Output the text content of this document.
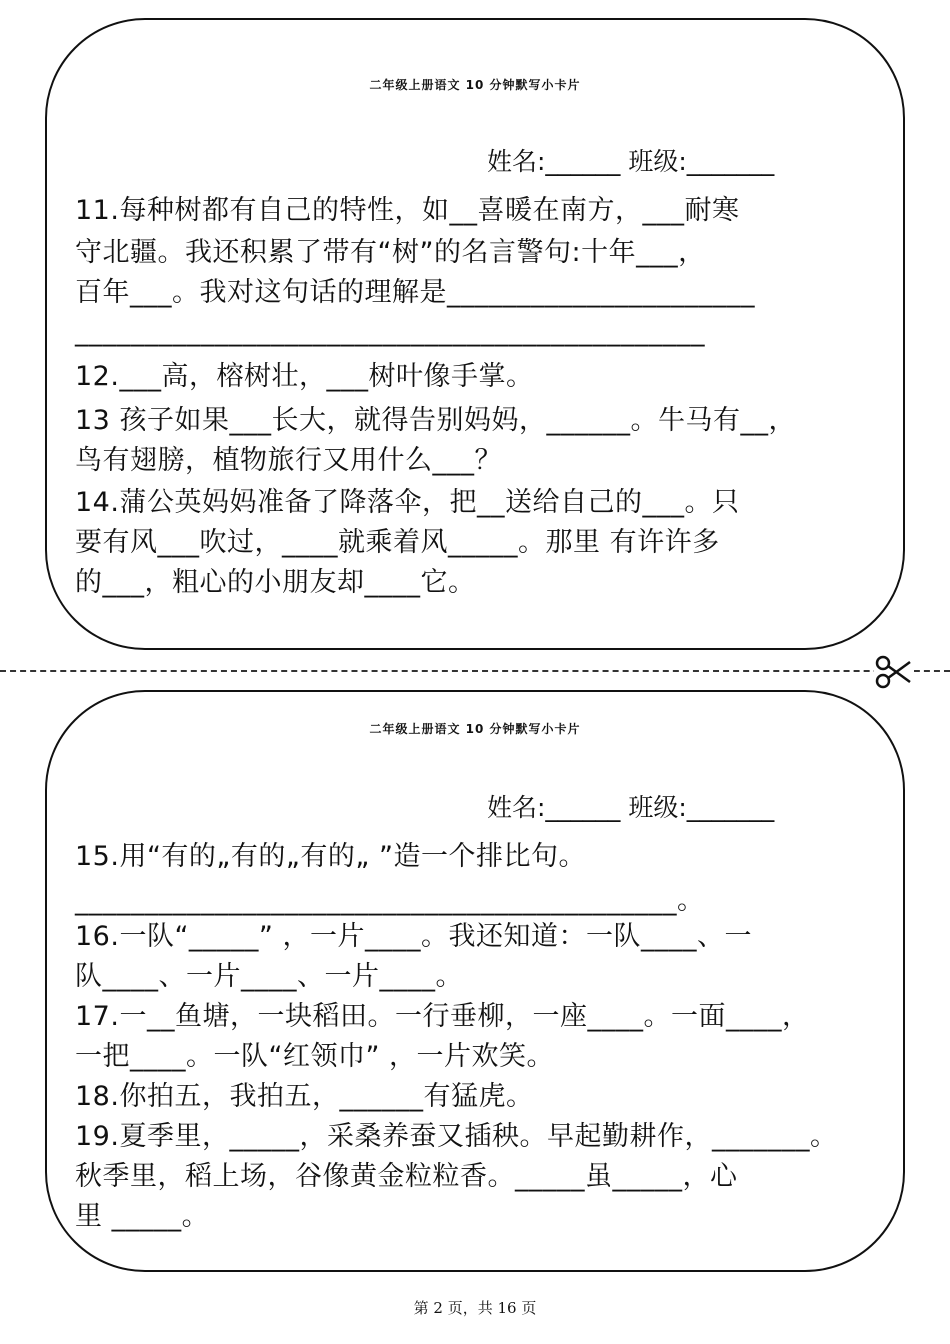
二年级上册语文 10 分钟默写小卡片
姓名:______ 班级:_______
11.每种树都有自己的特性，如__喜暖在南方，___耐寒
守北疆。我还积累了带有“树”的名言警句:十年___，
百年___。我对这句话的理解是______________________
_____________________________________________
12.___高，榕树壮，___树叶像手掌。
13 孩子如果___长大，就得告别妈妈，______。牛马有__，
鸟有翅膀，植物旅行又用什么___？
14.蒲公英妈妈准备了降落伞，把__送给自己的___。只
要有风___吹过，____就乘着风_____。那里 有许许多
的___，粗心的小朋友却____它。
二年级上册语文 10 分钟默写小卡片
姓名:______ 班级:_______
15.用“有的„有的„有的„ ”造一个排比句。
___________________________________________。
16.一队“_____” ，一片____。我还知道：一队____、一
队____、一片____、一片____。
17.一__鱼塘，一块稻田。一行垂柳，一座____。一面____，
一把____。一队“红领巾” ，一片欢笑。
18.你拍五，我拍五，______有猛虎。
19.夏季里，_____，采桑养蚕又插秧。早起勤耕作，_______。
秋季里，稻上场，谷像黄金粒粒香。_____虽_____，心
里 _____。
第 2 页，共 16 页
